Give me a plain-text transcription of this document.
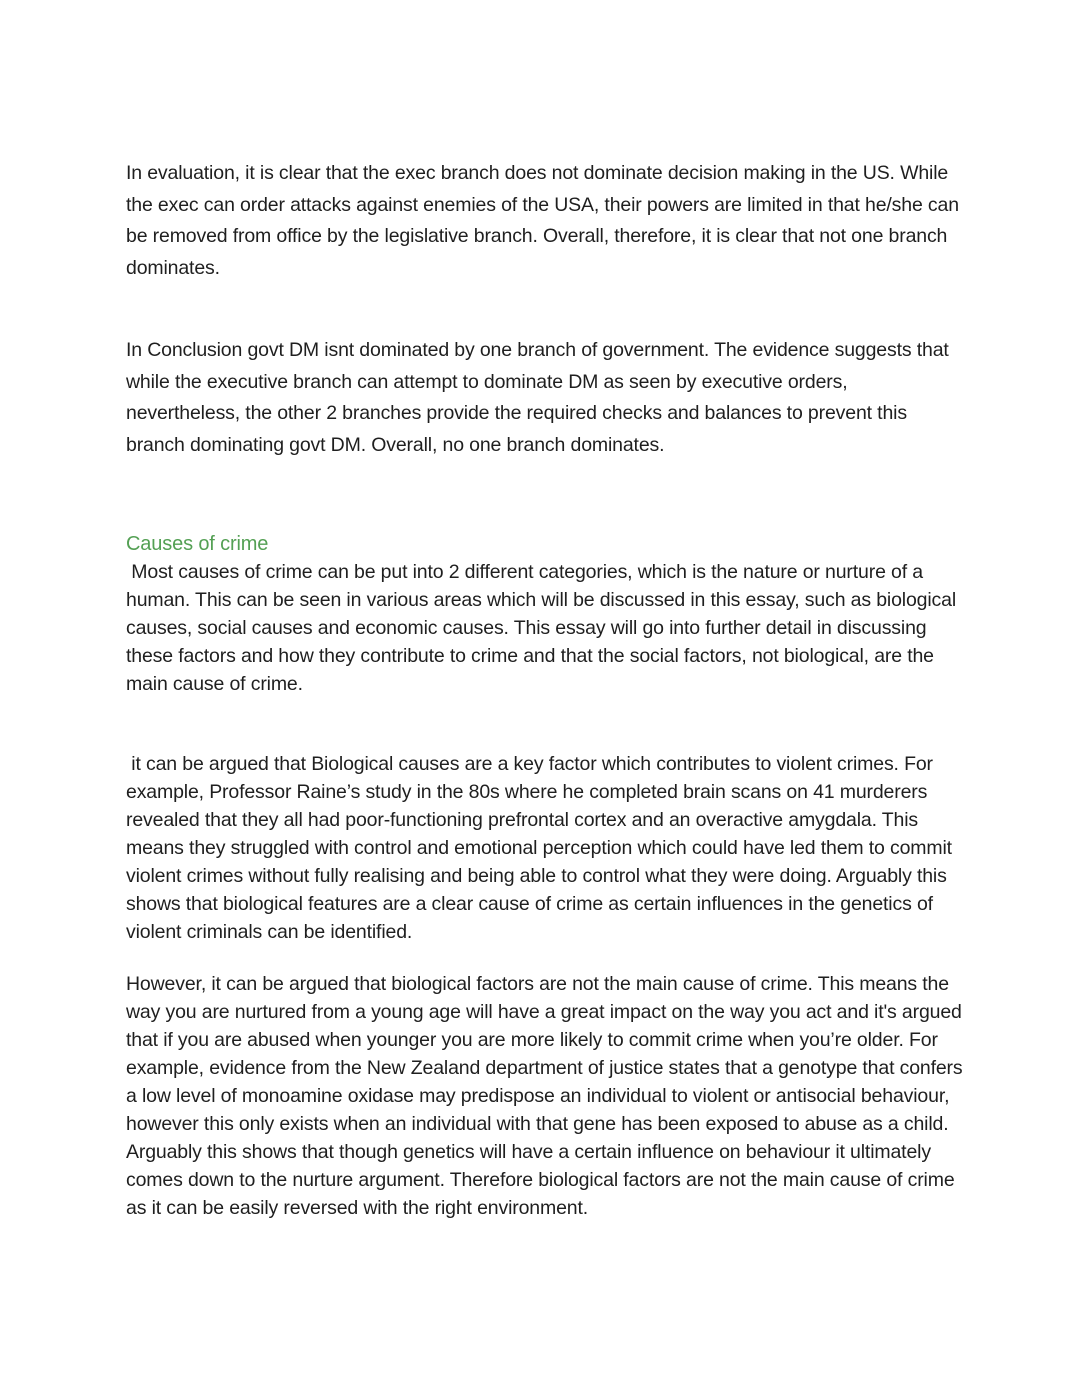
In evaluation, it is clear that the exec branch does not dominate decision making in the US. While the exec can order attacks against enemies of the USA, their powers are limited in that he/she can be removed from office by the legislative branch. Overall, therefore, it is clear that not one branch dominates.
In Conclusion govt DM isnt dominated by one branch of government. The evidence suggests that while the executive branch can attempt to dominate DM as seen by executive orders, nevertheless, the other 2 branches provide the required checks and balances to prevent this branch dominating govt DM. Overall, no one branch dominates.
Causes of crime
Most causes of crime can be put into 2 different categories, which is the nature or nurture of a human. This can be seen in various areas which will be discussed in this essay, such as biological causes, social causes and economic causes. This essay will go into further detail in discussing these factors and how they contribute to crime and that the social factors, not biological, are the main cause of crime.
it can be argued that Biological causes are a key factor which contributes to violent crimes. For example, Professor Raine’s study in the 80s where he completed brain scans on 41 murderers revealed that they all had poor-functioning prefrontal cortex and an overactive amygdala. This means they struggled with control and emotional perception which could have led them to commit violent crimes without fully realising and being able to control what they were doing. Arguably this shows that biological features are a clear cause of crime as certain influences in the genetics of violent criminals can be identified.
However, it can be argued that biological factors are not the main cause of crime. This means the way you are nurtured from a young age will have a great impact on the way you act and it's argued that if you are abused when younger you are more likely to commit crime when you’re older. For example, evidence from the New Zealand department of justice states that a genotype that confers a low level of monoamine oxidase may predispose an individual to violent or antisocial behaviour, however this only exists when an individual with that gene has been exposed to abuse as a child. Arguably this shows that though genetics will have a certain influence on behaviour it ultimately comes down to the nurture argument. Therefore biological factors are not the main cause of crime as it can be easily reversed with the right environment.
